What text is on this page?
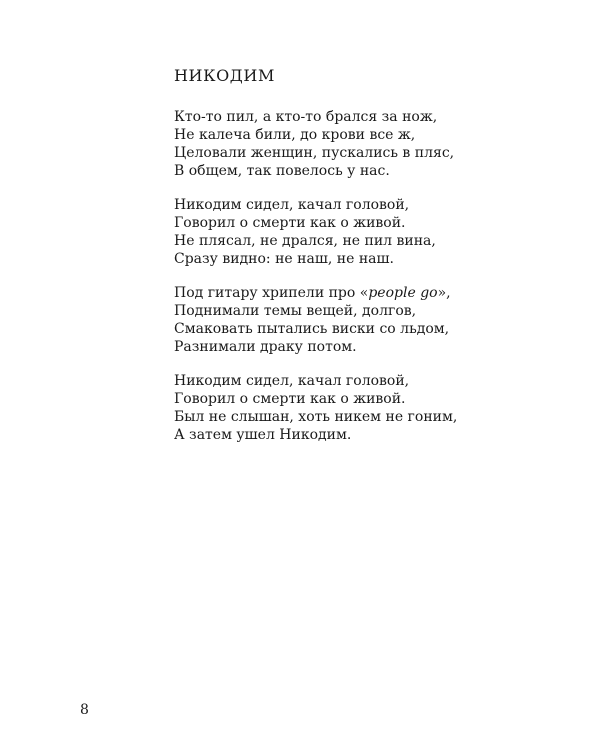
НИКОДИМ
Кто-то пил, а кто-то брался за нож,
Не калеча били, до крови все ж,
Целовали женщин, пускались в пляс,
В общем, так повелось у нас.
Никодим сидел, качал головой,
Говорил о смерти как о живой.
Не плясал, не дрался, не пил вина,
Сразу видно: не наш, не наш.
Под гитару хрипели про «people go»,
Поднимали темы вещей, долгов,
Смаковать пытались виски со льдом,
Разнимали драку потом.
Никодим сидел, качал головой,
Говорил о смерти как о живой.
Был не слышан, хоть никем не гоним,
А затем ушел Никодим.
8
